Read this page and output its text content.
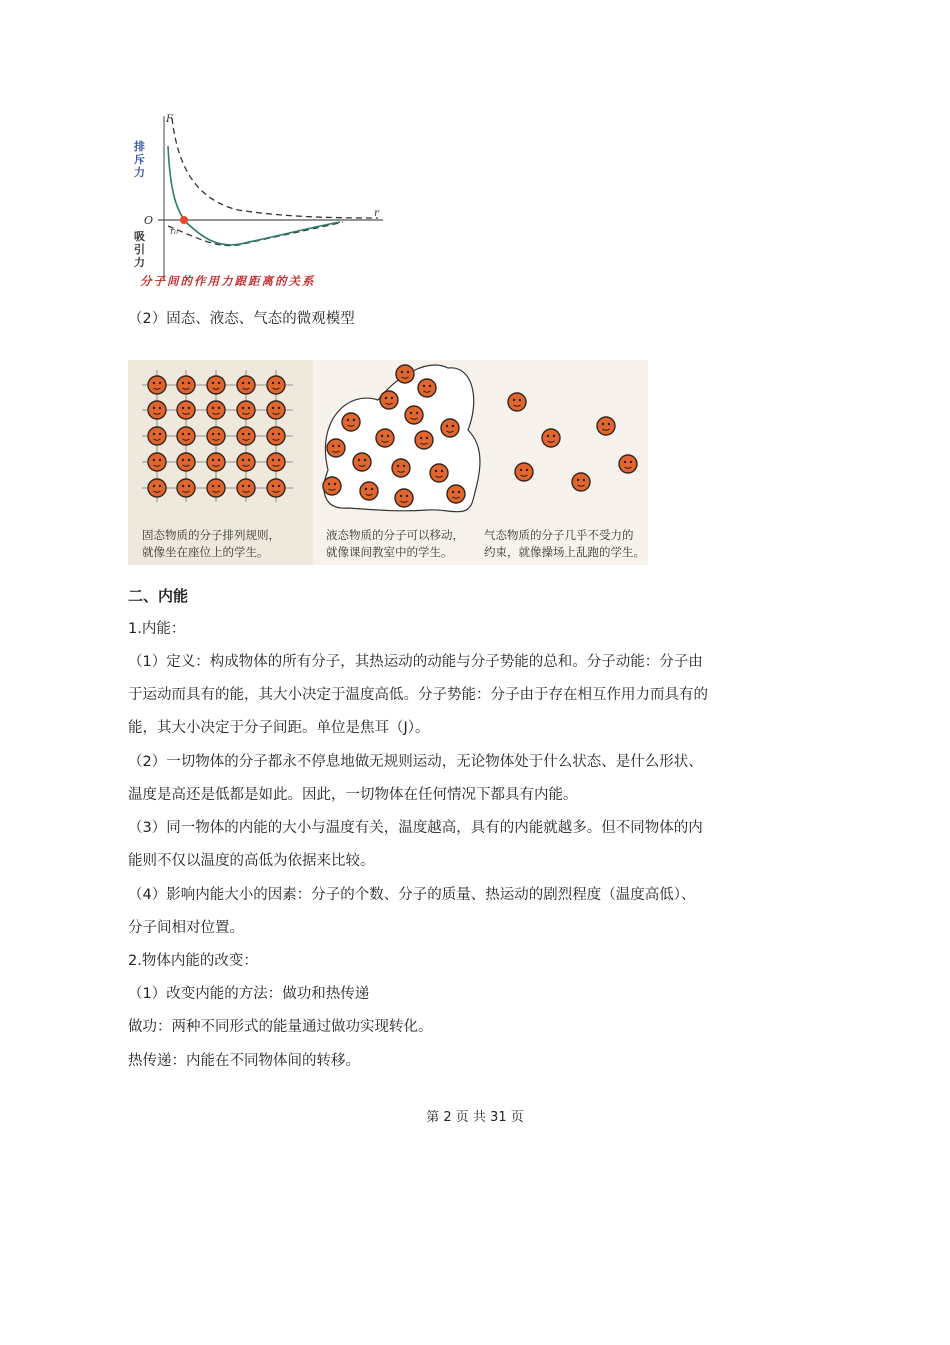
F
r
O
r₀
排
斥
力
吸
引
力
分子间的作用力跟距离的关系
（2）固态、液态、气态的微观模型
固态物质的分子排列规则，
就像坐在座位上的学生。
液态物质的分子可以移动，
就像课间教室中的学生。
气态物质的分子几乎不受力的
约束，就像操场上乱跑的学生。
二、内能
1.内能：
（1）定义：构成物体的所有分子，其热运动的动能与分子势能的总和。分子动能：分子由
于运动而具有的能，其大小决定于温度高低。分子势能：分子由于存在相互作用力而具有的
能，其大小决定于分子间距。单位是焦耳（J）。
（2）一切物体的分子都永不停息地做无规则运动，无论物体处于什么状态、是什么形状、
温度是高还是低都是如此。因此，一切物体在任何情况下都具有内能。
（3）同一物体的内能的大小与温度有关，温度越高，具有的内能就越多。但不同物体的内
能则不仅以温度的高低为依据来比较。
（4）影响内能大小的因素：分子的个数、分子的质量、热运动的剧烈程度（温度高低）、
分子间相对位置。
2.物体内能的改变：
（1）改变内能的方法：做功和热传递
做功：两种不同形式的能量通过做功实现转化。
热传递：内能在不同物体间的转移。
第 2 页 共 31 页
